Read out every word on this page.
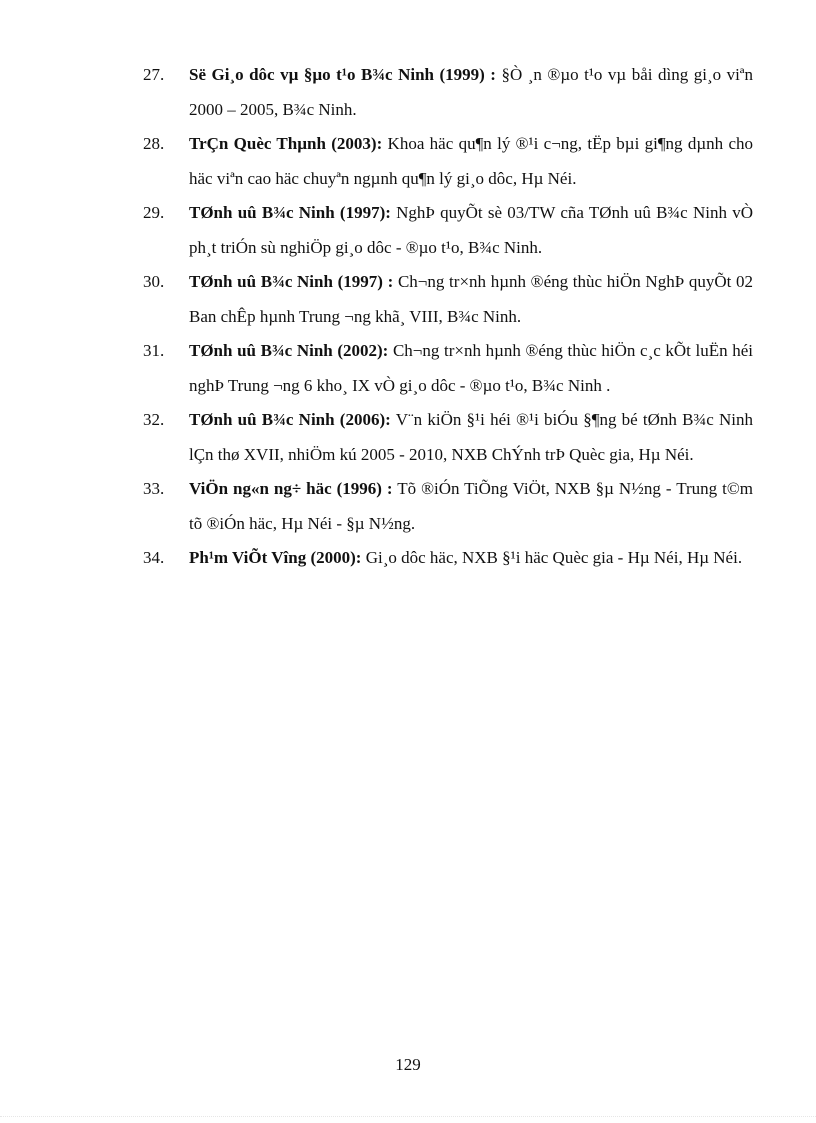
27. Së Gi¸o dôc vµ §µo t¹o B¾c Ninh (1999) : §Ò ¸n ®µo t¹o vµ båi dìng gi¸o viªn 2000 – 2005, B¾c Ninh.
28. TrÇn Quèc Thµnh (2003): Khoa häc qu¶n lý ®¹i c¬ng, tËp bµi gi¶ng dµnh cho häc viªn cao häc chuyªn ngµnh qu¶n lý gi¸o dôc, Hµ Néi.
29. TØnh uû B¾c Ninh (1997): NghÞ quyÕt sè 03/TW cña TØnh uû B¾c Ninh vÒ ph¸t triÓn sù nghiÖp gi¸o dôc - ®µo t¹o, B¾c Ninh.
30. TØnh uû B¾c Ninh (1997) : Ch¬ng tr×nh hµnh ®éng thùc hiÖn NghÞ quyÕt 02 Ban chÊp hµnh Trung ¬ng khã¸ VIII, B¾c Ninh.
31. TØnh uû B¾c Ninh (2002): Ch¬ng tr×nh hµnh ®éng thùc hiÖn c¸c kÕt luËn héi nghÞ Trung ¬ng 6 kho¸ IX vÒ gi¸o dôc - ®µo t¹o, B¾c Ninh .
32. TØnh uû B¾c Ninh (2006): V¨n kiÖn §¹i héi ®¹i biÓu §¶ng bé tØnh B¾c Ninh lÇn thø XVII, nhiÖm kú 2005 - 2010, NXB ChÝnh trÞ Quèc gia, Hµ Néi.
33. ViÖn ng«n ng÷ häc (1996) : Tõ ®iÓn TiÕng ViÖt, NXB §µ N½ng - Trung t©m tõ ®iÓn häc, Hµ Néi - §µ N½ng.
34. Ph¹m ViÕt Vîng (2000): Gi¸o dôc häc, NXB §¹i häc Quèc gia - Hµ Néi, Hµ Néi.
129
